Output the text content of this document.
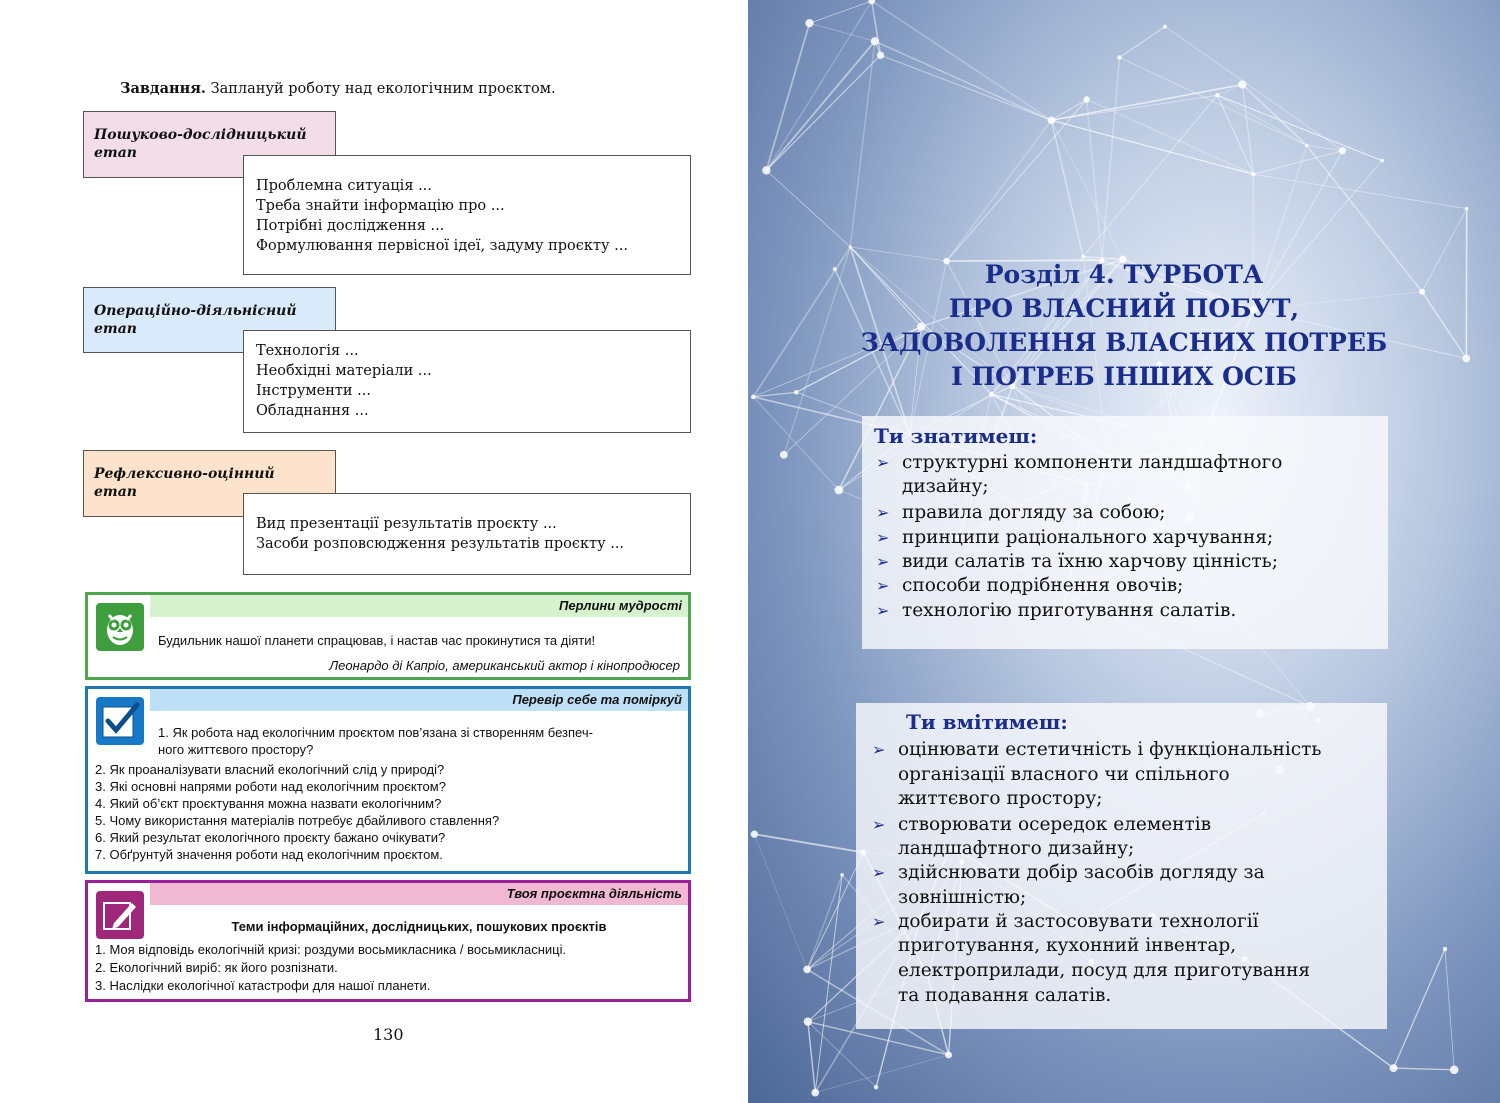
Завдання. Заплануй роботу над екологічним проєктом.
Пошуково-дослідницький
етап
Проблемна ситуація ...
Треба знайти інформацію про ...
Потрібні дослідження ...
Формулювання первісної ідеї, задуму проєкту ...
Операційно-діяльнісний
етап
Технологія ...
Необхідні матеріали ...
Інструменти ...
Обладнання ...
Рефлексивно-оцінний
етап
Вид презентації результатів проєкту ...
Засоби розповсюдження результатів проєкту ...
Перлини мудрості
Будильник нашої планети спрацював, і настав час прокинутися та діяти!
Леонардо ді Капріо, американський актор і кінопродюсер
Перевір себе та поміркуй
1. Як робота над екологічним проєктом пов’язана зі створенням безпеч-
ного життєвого простору?
2. Як проаналізувати власний екологічний слід у природі?
3. Які основні напрями роботи над екологічним проєктом?
4. Який об’єкт проєктування можна назвати екологічним?
5. Чому використання матеріалів потребує дбайливого ставлення?
6. Який результат екологічного проєкту бажано очікувати?
7. Обґрунтуй значення роботи над екологічним проєктом.
Твоя проєктна діяльність
Теми інформаційних, дослідницьких, пошукових проєктів
1. Моя відповідь екологічній кризі: роздуми восьмикласника / восьмикласниці.
2. Екологічний виріб: як його розпізнати.
3. Наслідки екологічної катастрофи для нашої планети.
130
Розділ 4. ТУРБОТА
ПРО ВЛАСНИЙ ПОБУТ,
ЗАДОВОЛЕННЯ ВЛАСНИХ ПОТРЕБ
І ПОТРЕБ ІНШИХ ОСІБ
Ти знатимеш:
➢ структурні компоненти ландшафтного
дизайну;
➢ правила догляду за собою;
➢ принципи раціонального харчування;
➢ види салатів та їхню харчову цінність;
➢ способи подрібнення овочів;
➢ технологію приготування салатів.
Ти вмітимеш:
➢ оцінювати естетичність і функціональність
організації власного чи спільного
життєвого простору;
➢ створювати осередок елементів
ландшафтного дизайну;
➢ здійснювати добір засобів догляду за
зовнішністю;
➢ добирати й застосовувати технології
приготування, кухонний інвентар,
електроприлади, посуд для приготування
та подавання салатів.
